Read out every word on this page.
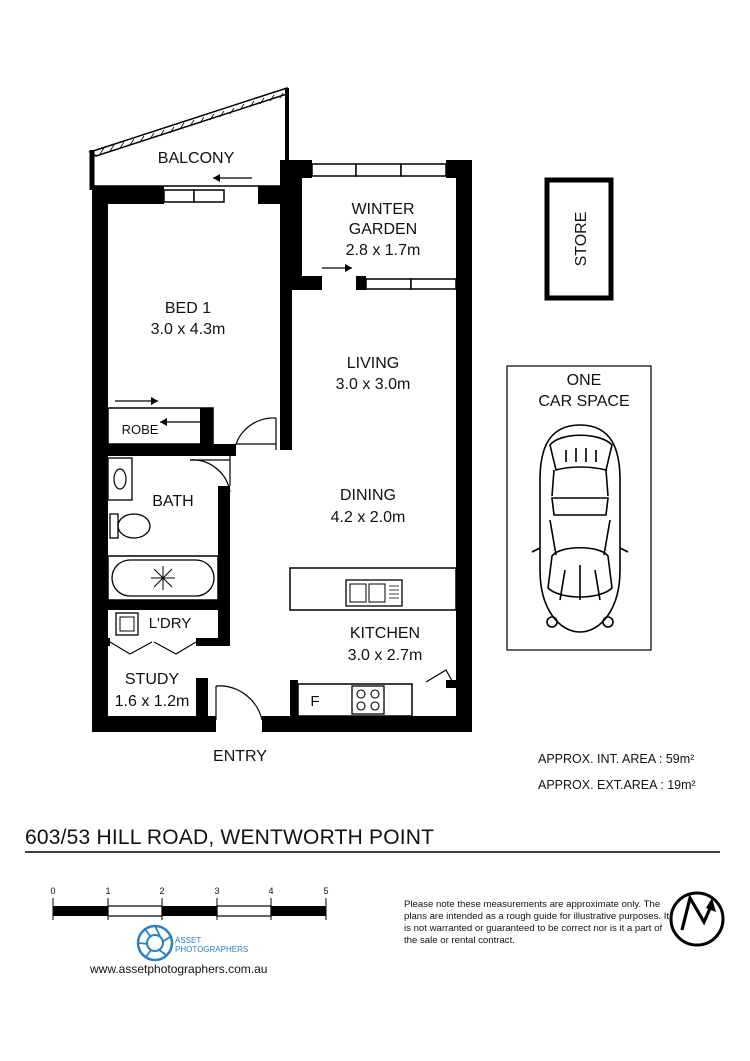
BALCONY
BED 1
3.0 x 4.3m
ROBE
WINTER
GARDEN
2.8 x 1.7m
LIVING
3.0 x 3.0m
DINING
4.2 x 2.0m
BATH
L'DRY
STUDY
1.6 x 1.2m
ENTRY
KITCHEN
3.0 x 2.7m
F
STORE
ONE
CAR SPACE
0	1	2	3	4	5

APPROX. INT. AREA : 59m²

APPROX. EXT.AREA : 19m²

603/53 HILL ROAD, WENTWORTH POINT

Please note these measurements are approximate only. The plans are intended as a rough guide for illustrative purposes. It is not warranted or guaranteed to be correct nor is it a part of the sale or rental contract.

ASSET PHOTOGRAPHERS

www.assetphotographers.com.au
